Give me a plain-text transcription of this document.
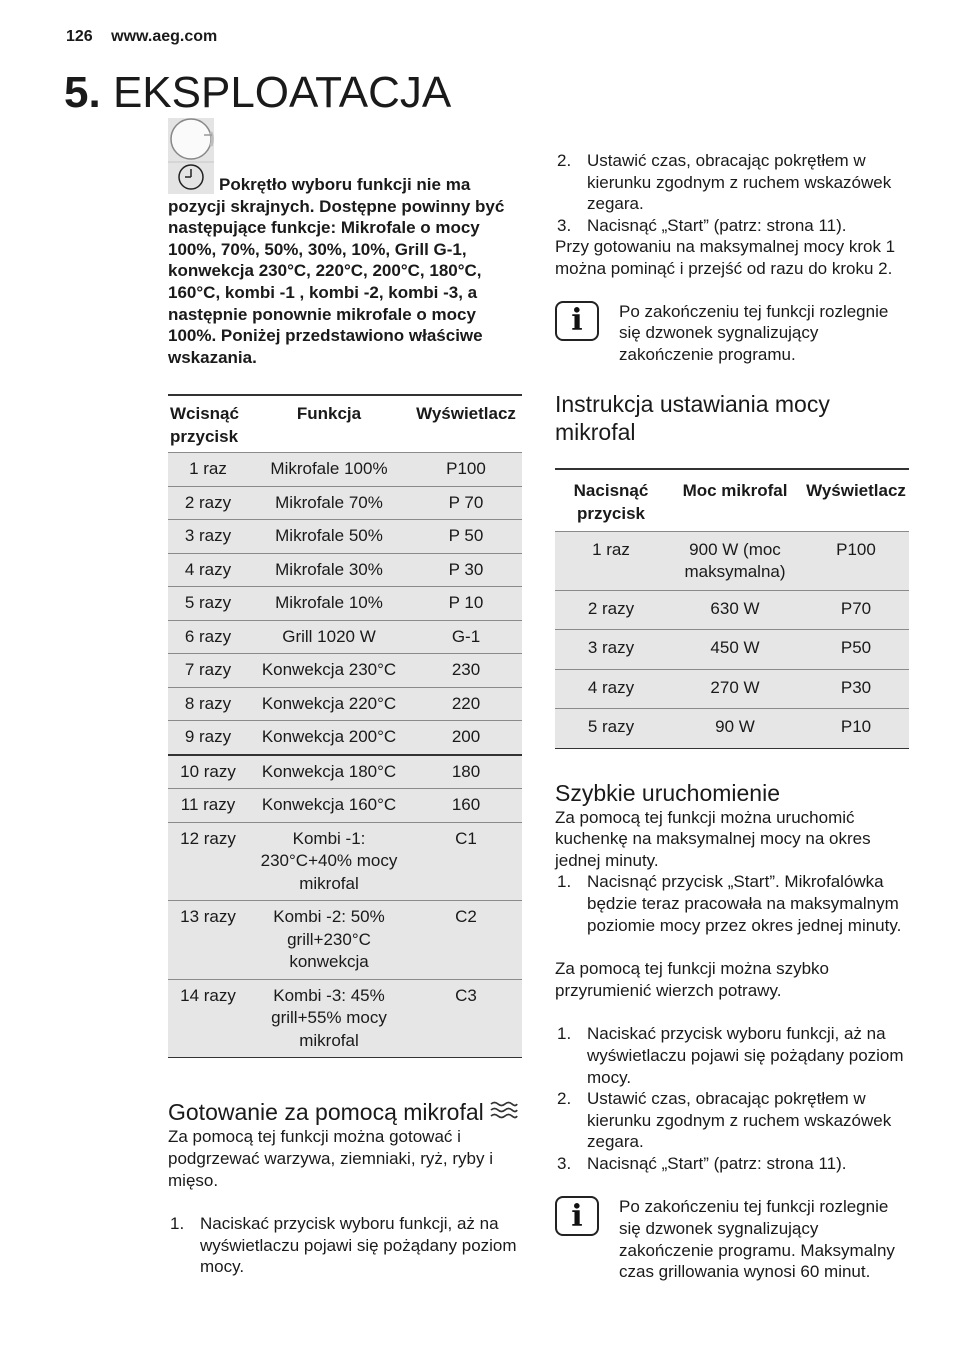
126 www.aeg.com
5. EKSPLOATACJA
Pokrętło wyboru funkcji nie ma pozycji skrajnych. Dostępne powinny być następujące funkcje: Mikrofale o mocy 100%, 70%, 50%, 30%, 10%, Grill G-1, konwekcja 230°C, 220°C, 200°C, 180°C, 160°C, kombi -1 , kombi -2, kombi -3, a następnie ponownie mikrofale o mocy 100%. Poniżej przedstawiono właściwe wskazania.
Wcisnąć przycisk	Funkcja	Wyświetlacz
1 raz	Mikrofale 100%	P100
2 razy	Mikrofale 70%	P 70
3 razy	Mikrofale 50%	P 50
4 razy	Mikrofale 30%	P 30
5 razy	Mikrofale 10%	P 10
6 razy	Grill 1020 W	G-1
7 razy	Konwekcja 230°C	230
8 razy	Konwekcja 220°C	220
9 razy	Konwekcja 200°C	200
10 razy	Konwekcja 180°C	180
11 razy	Konwekcja 160°C	160
12 razy	Kombi -1: 230°C+40% mocy mikrofal	C1
13 razy	Kombi -2: 50% grill+230°C konwekcja	C2
14 razy	Kombi -3: 45% grill+55% mocy mikrofal	C3
Gotowanie za pomocą mikrofal

Za pomocą tej funkcji można gotować i podgrzewać warzywa, ziemniaki, ryż, ryby i mięso.

1. Naciskać przycisk wyboru funkcji, aż na wyświetlaczu pojawi się pożądany poziom mocy.
2. Ustawić czas, obracając pokrętłem w kierunku zgodnym z ruchem wskazówek zegara.
3. Nacisnąć „Start” (patrz: strona 11).

Przy gotowaniu na maksymalnej mocy krok 1 można pominąć i przejść od razu do kroku 2.

i	Po zakończeniu tej funkcji rozlegnie się dzwonek sygnalizujący zakończenie programu.
Instrukcja ustawiania mocy mikrofal
Nacisnąć przycisk	Moc mikrofal	Wyświetlacz
1 raz	900 W (moc maksymalna)	P100
2 razy	630 W	P70
3 razy	450 W	P50
4 razy	270 W	P30
5 razy	90 W	P10
Szybkie uruchomienie

Za pomocą tej funkcji można uruchomić kuchenkę na maksymalnej mocy na okres jednej minuty.

1. Nacisnąć przycisk „Start”. Mikrofalówka będzie teraz pracowała na maksymalnym poziomie mocy przez okres jednej minuty.

Za pomocą tej funkcji można szybko przyrumienić wierzch potrawy.

1. Naciskać przycisk wyboru funkcji, aż na wyświetlaczu pojawi się pożądany poziom mocy.
2. Ustawić czas, obracając pokrętłem w kierunku zgodnym z ruchem wskazówek zegara.
3. Nacisnąć „Start” (patrz: strona 11).
i	Po zakończeniu tej funkcji rozlegnie się dzwonek sygnalizujący zakończenie programu. Maksymalny czas grillowania wynosi 60 minut.
